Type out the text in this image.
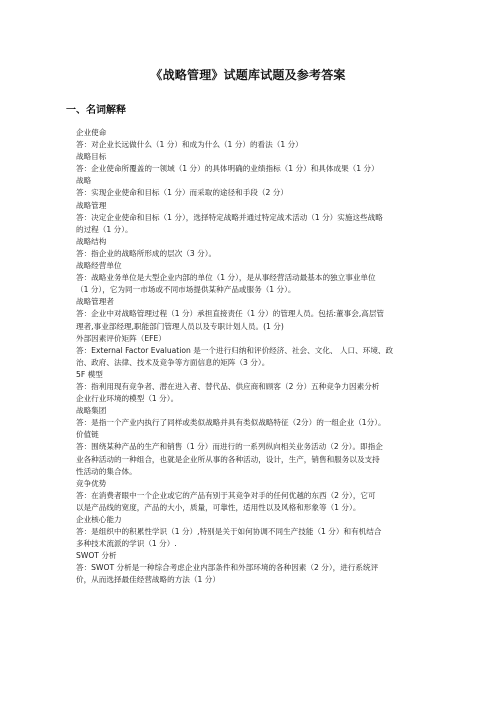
《战略管理》试题库试题及参考答案
一、名词解释

企业使命

答：对企业长远做什么（1 分）和成为什么（1 分）的看法（1 分）

战略目标

答：企业使命所覆盖的一领域（1 分）的具体明确的业绩指标（1 分）和具体成果（1 分）

战略

答：实现企业使命和目标（1 分）而采取的途径和手段（2 分）

战略管理

答：决定企业使命和目标（1 分），选择特定战略并通过特定战术活动（1 分）实施这些战略

的过程（1 分）。

战略结构

答：指企业的战略所形成的层次（3 分）。

战略经营单位

答：战略业务单位是大型企业内部的单位（1 分），是从事经营活动最基本的独立事业单位

（1 分），它为同一市场或不同市场提供某种产品或服务（1 分）。

战略管理者

答：企业中对战略管理过程（1 分）承担直接责任（1 分）的管理人员。包括:董事会,高层管

理者,事业部经理,职能部门管理人员以及专职计划人员。(1 分)

外部因素评价矩阵（EFE）

答：External Factor Evaluation 是一个进行归纳和评价经济、社会、文化、 人口、环境、政

治、政府、法律、技术及竞争等方面信息的矩阵（3 分）。

5F 模型

答：指利用现有竞争者、潜在进入者、替代品、供应商和顾客（2 分）五种竞争力因素分析

企业行业环境的模型（1 分）。

战略集团

答：是指一个产业内执行了同样或类似战略并具有类似战略特征（2分）的一组企业（1分）。

价值链

答：围绕某种产品的生产和销售（1 分）而进行的一系列纵向相关业务活动（2 分）。即指企

业各种活动的一种组合，也就是企业所从事的各种活动，设计，生产，销售和服务以及支持

性活动的集合体。

竞争优势

答：在消费者眼中一个企业或它的产品有别于其竞争对手的任何优越的东西（2 分），它可

以是产品线的宽度，产品的大小，质量，可靠性，适用性以及风格和形象等（1 分）。

企业核心能力

答：是组织中的积累性学识（1 分）,特别是关于如何协调不同生产技能（1 分）和有机结合

多种技术流派的学识（1 分）.

SWOT 分析

答：SWOT 分析是一种综合考虑企业内部条件和外部环境的各种因素（2 分），进行系统评

价，从而选择最佳经营战略的方法（1 分）
